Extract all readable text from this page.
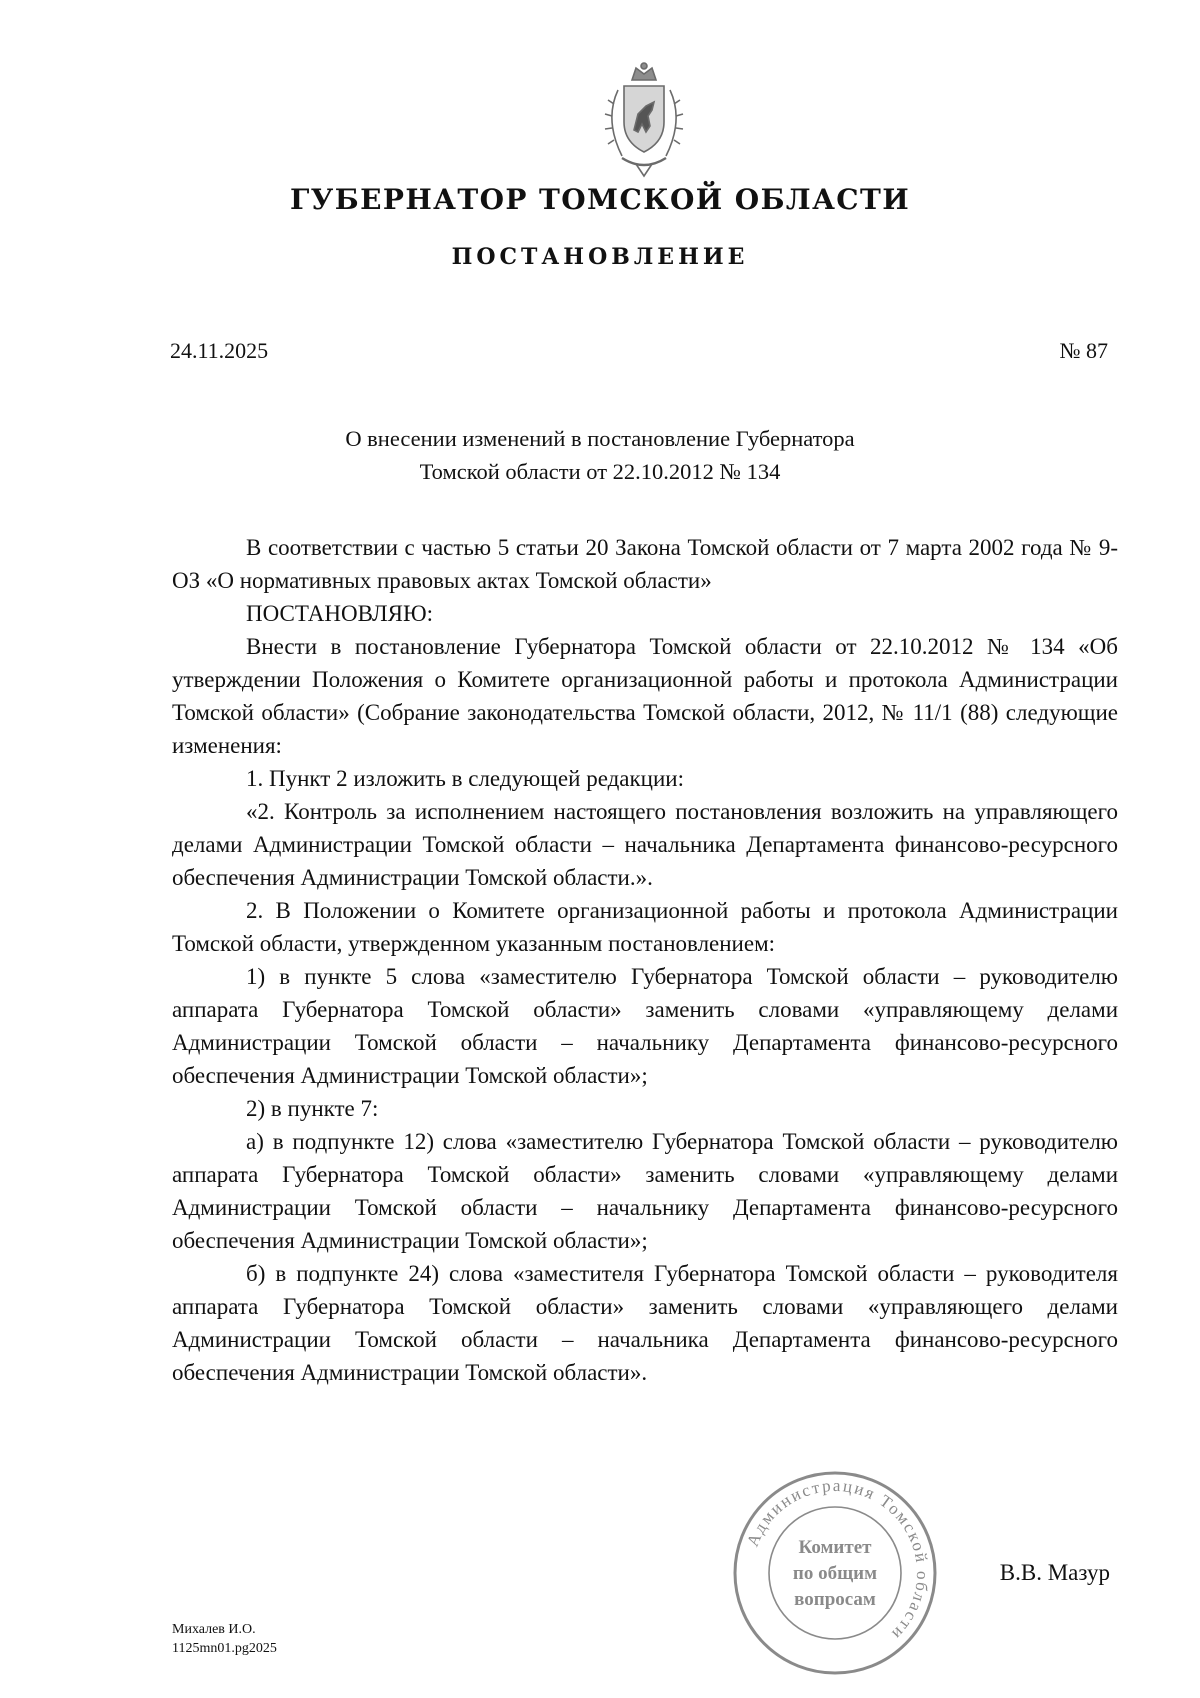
ГУБЕРНАТОР ТОМСКОЙ ОБЛАСТИ
ПОСТАНОВЛЕНИЕ
24.11.2025	№ 87
О внесении изменений в постановление Губернатора
Томской области от 22.10.2012 № 134

В соответствии с частью 5 статьи 20 Закона Томской области от 7 марта 2002 года № 9-ОЗ «О нормативных правовых актах Томской области»

ПОСТАНОВЛЯЮ:

Внести в постановление Губернатора Томской области от 22.10.2012 № 134 «Об утверждении Положения о Комитете организационной работы и протокола Администрации Томской области» (Собрание законодательства Томской области, 2012, № 11/1 (88) следующие изменения:

1. Пункт 2 изложить в следующей редакции:

«2. Контроль за исполнением настоящего постановления возложить на управляющего делами Администрации Томской области – начальника Департамента финансово-ресурсного обеспечения Администрации Томской области.».

2. В Положении о Комитете организационной работы и протокола Администрации Томской области, утвержденном указанным постановлением:

1) в пункте 5 слова «заместителю Губернатора Томской области – руководителю аппарата Губернатора Томской области» заменить словами «управляющему делами Администрации Томской области – начальнику Департамента финансово-ресурсного обеспечения Администрации Томской области»;

2) в пункте 7:

а) в подпункте 12) слова «заместителю Губернатора Томской области – руководителю аппарата Губернатора Томской области» заменить словами «управляющему делами Администрации Томской области – начальнику Департамента финансово-ресурсного обеспечения Администрации Томской области»;

б) в подпункте 24) слова «заместителя Губернатора Томской области – руководителя аппарата Губернатора Томской области» заменить словами «управляющего делами Администрации Томской области – начальника Департамента финансово-ресурсного обеспечения Администрации Томской области».

Администрация Томской области
Комитет
по общим
вопросам
В.В. Мазур
Михалев И.О.
1125mn01.pg2025
